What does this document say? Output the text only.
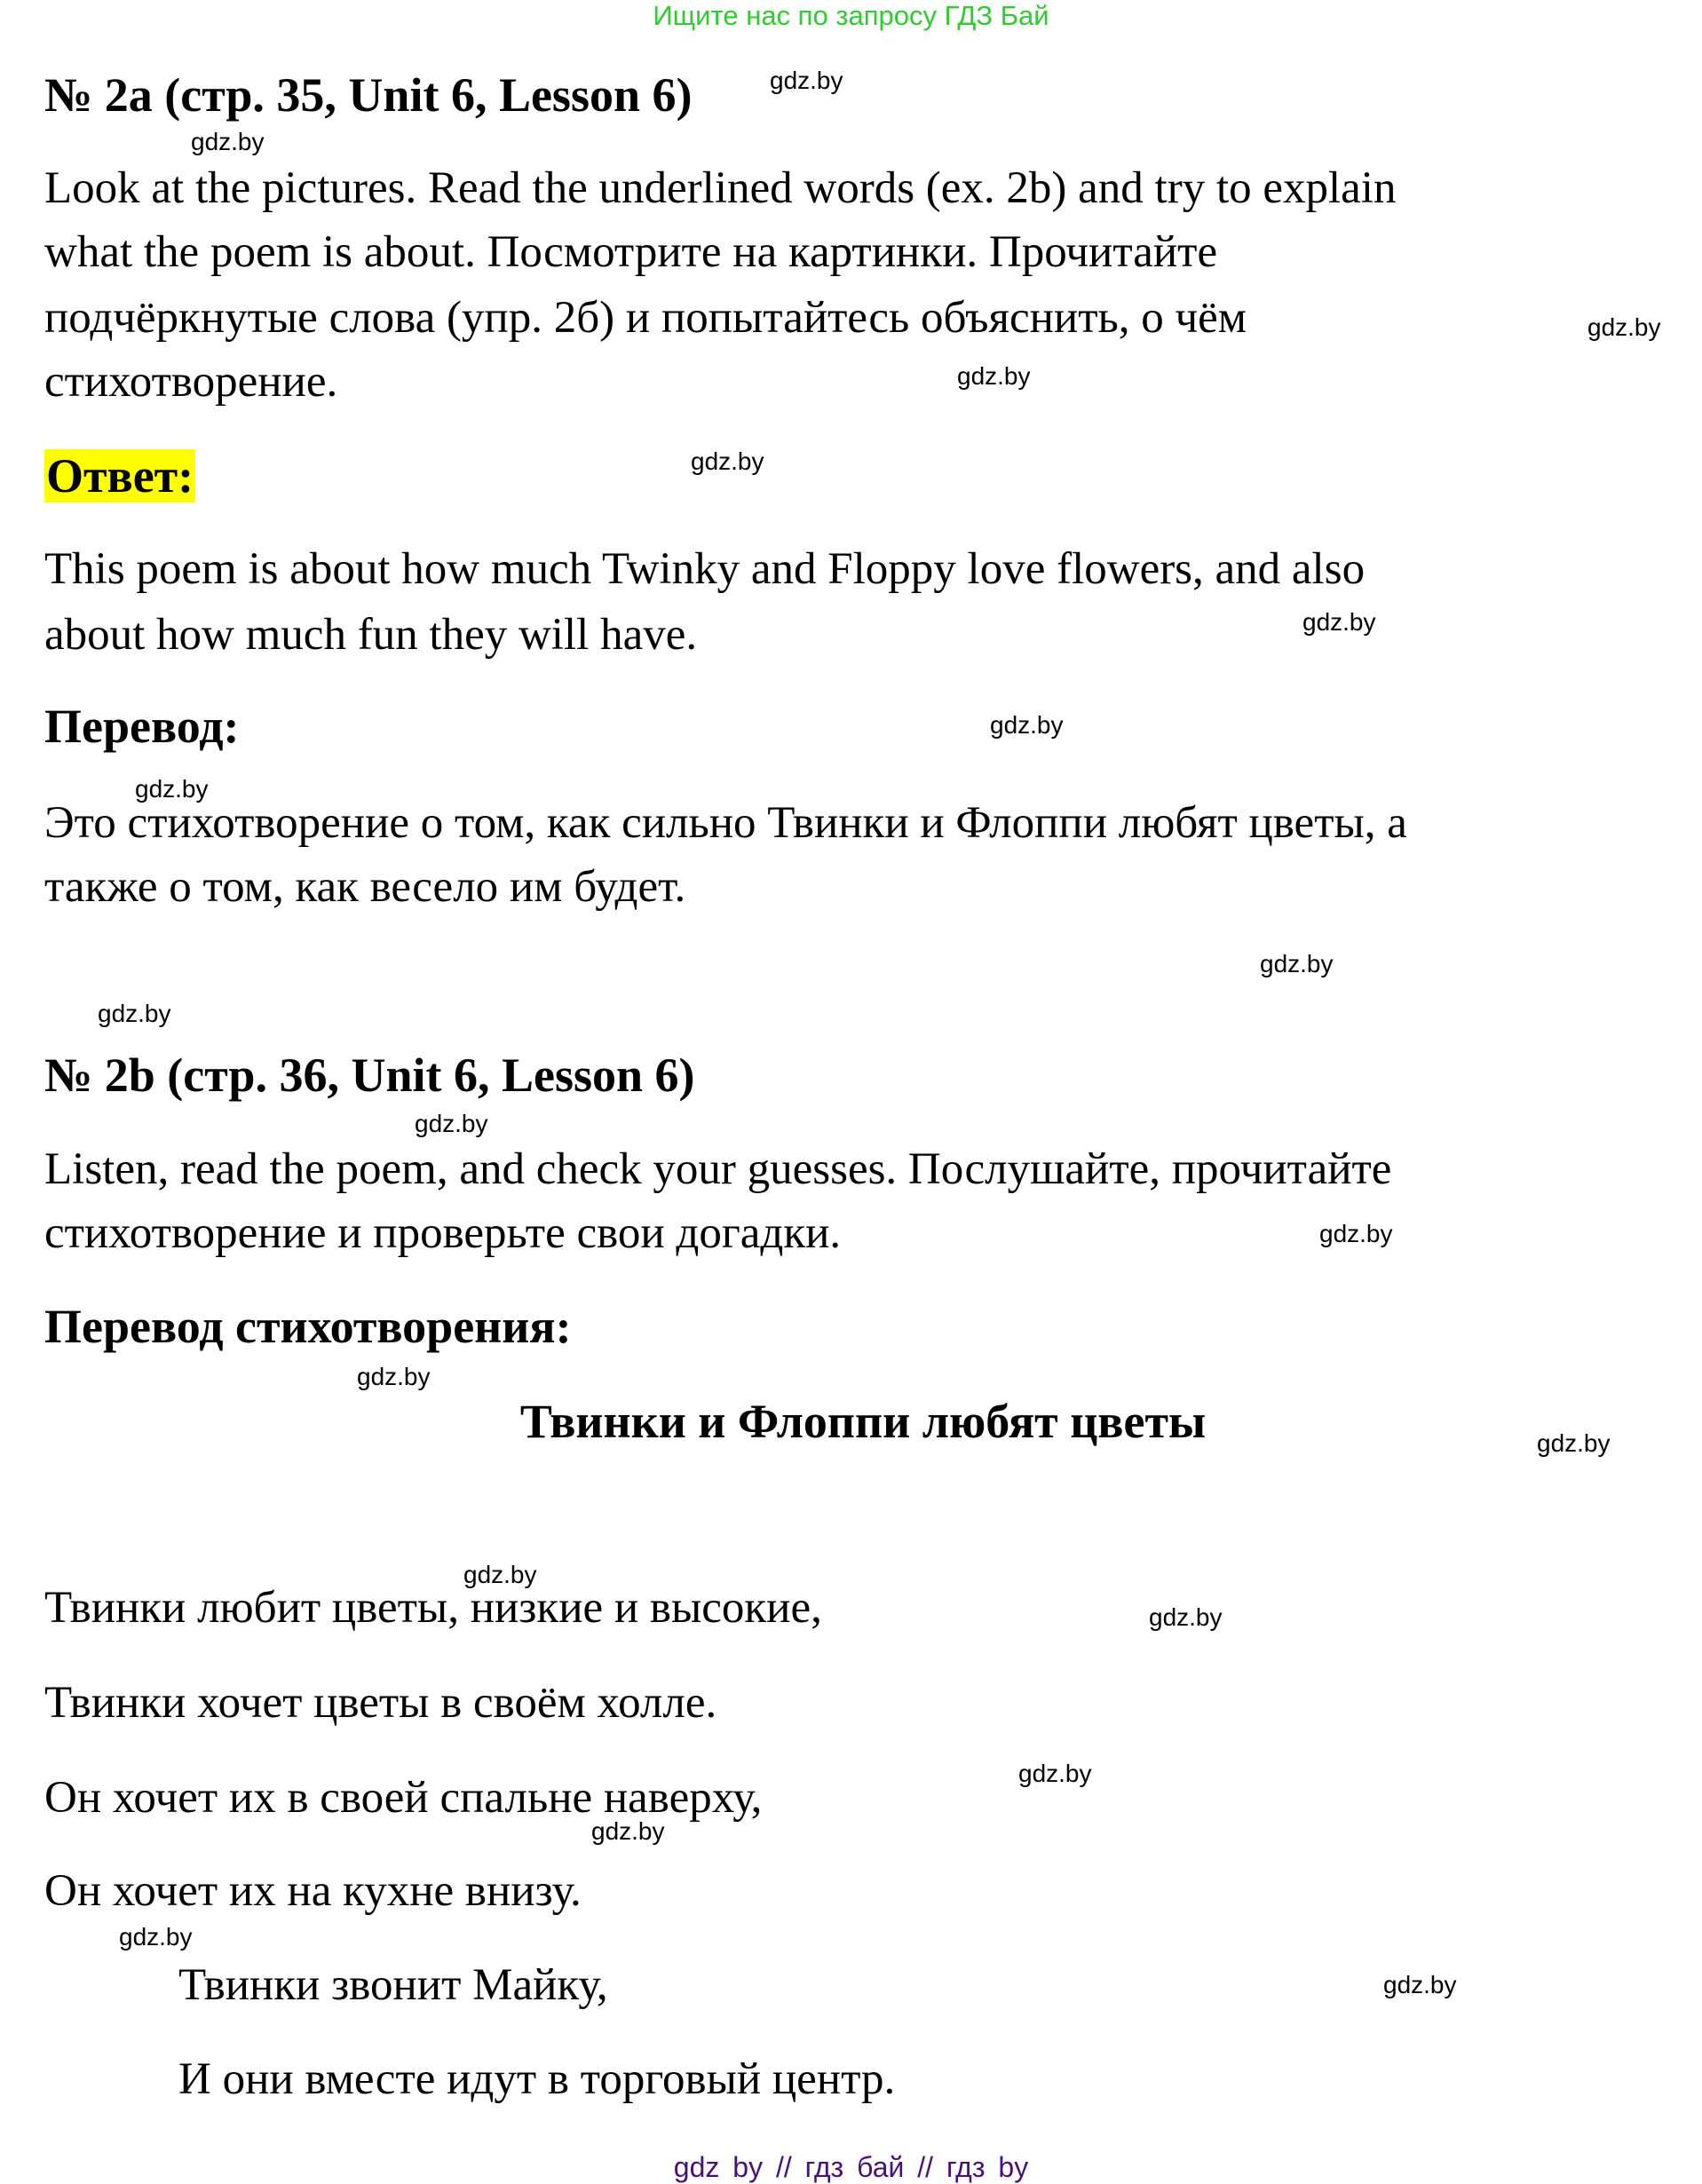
Ищите нас по запросу ГДЗ Бай
№ 2a (стр. 35, Unit 6, Lesson 6)
Look at the pictures. Read the underlined words (ex. 2b) and try to explain
what the poem is about. Посмотрите на картинки. Прочитайте
подчёркнутые слова (упр. 2б) и попытайтесь объяснить, о чём
стихотворение.
Ответ:
This poem is about how much Twinky and Floppy love flowers, and also
about how much fun they will have.
Перевод:
Это стихотворение о том, как сильно Твинки и Флоппи любят цветы, а
также о том, как весело им будет.
№ 2b (стр. 36, Unit 6, Lesson 6)
Listen, read the poem, and check your guesses. Послушайте, прочитайте
стихотворение и проверьте свои догадки.
Перевод стихотворения:
Твинки и Флоппи любят цветы
Твинки любит цветы, низкие и высокие,
Твинки хочет цветы в своём холле.
Он хочет их в своей спальне наверху,
Он хочет их на кухне внизу.
Твинки звонит Майку,
И они вместе идут в торговый центр.
gdz.by
gdz.by
gdz.by
gdz.by
gdz.by
gdz.by
gdz.by
gdz.by
gdz.by
gdz.by
gdz.by
gdz.by
gdz.by
gdz.by
gdz.by
gdz.by
gdz.by
gdz.by
gdz.by
gdz.by
gdz by // гдз бай // гдз by
